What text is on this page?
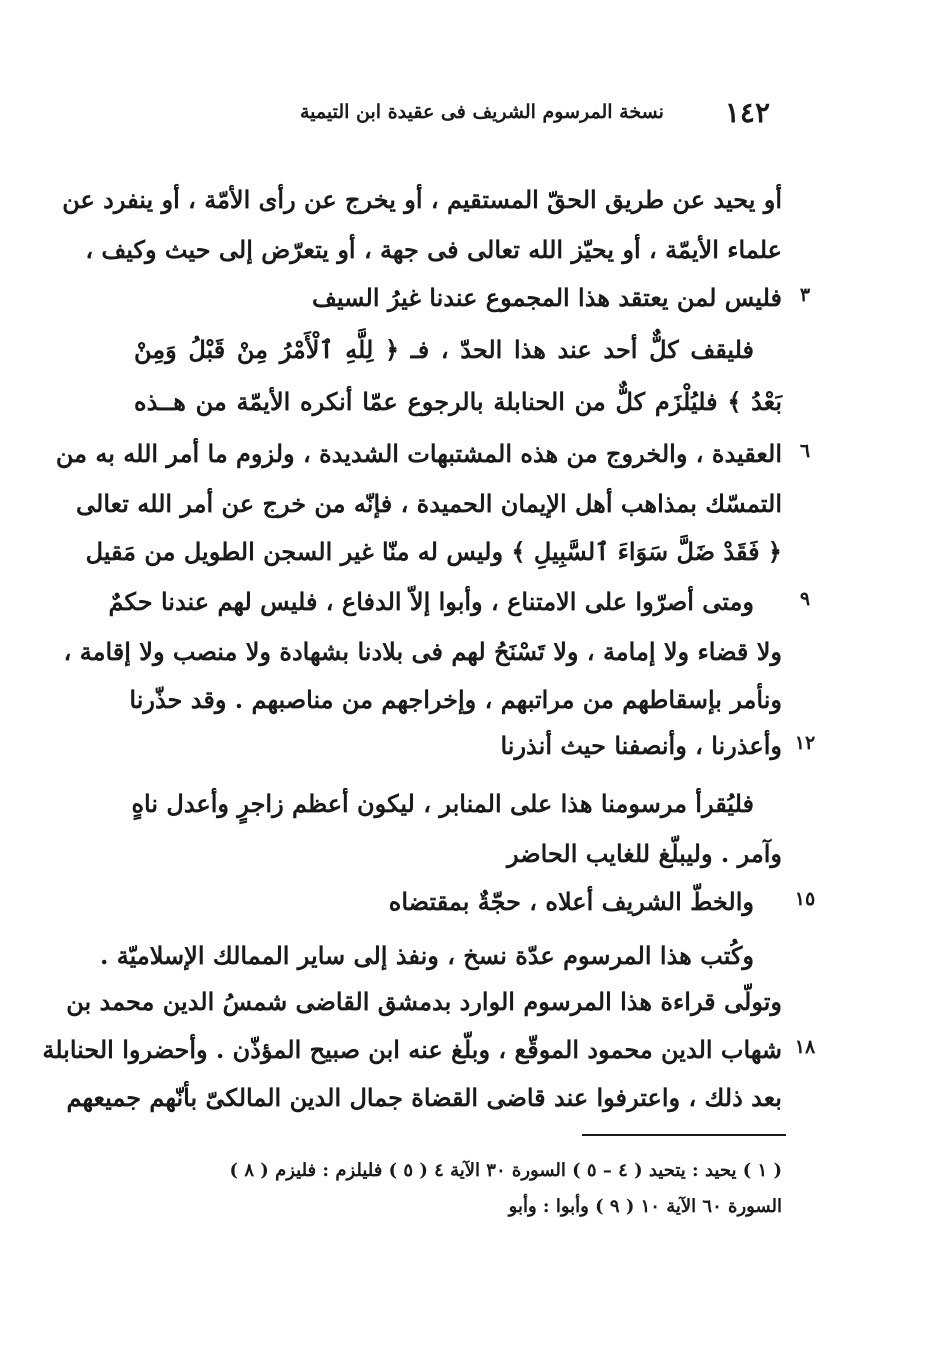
١٤٢
نسخة المرسوم الشريف فى عقيدة ابن التيمية
أو يحيد عن طريق الحقّ المستقيم ، أو يخرج عن رأى الأمّة ، أو ينفرد عن
علماء الأيمّة ، أو يحيّز الله تعالى فى جهة ، أو يتعرّض إلى حيث وكيف ،
٣
فليس لمن يعتقد هذا المجموع عندنا غيرُ السيف
فليقف كلٌّ أحد عند هذا الحدّ ، فـ ﴿ لِلَّهِ ٱلْأَمْرُ مِنْ قَبْلُ وَمِنْ
بَعْدُ ﴾ فليُلْزَم كلٌّ من الحنابلة بالرجوع عمّا أنكره الأيمّة من هــذه
٦
العقيدة ، والخروج من هذه المشتبهات الشديدة ، ولزوم ما أمر الله به من
التمسّك بمذاهب أهل الإيمان الحميدة ، فإنّه من خرج عن أمر الله تعالى
﴿ فَقَدْ ضَلَّ سَوَاءَ ٱلسَّبِيلِ ﴾ وليس له منّا غير السجن الطويل من مَقيل
٩
ومتى أصرّوا على الامتناع ، وأبوا إلاّ الدفاع ، فليس لهم عندنا حكمٌ
ولا قضاء ولا إمامة ، ولا تَسْنَحُ لهم فى بلادنا بشهادة ولا منصب ولا إقامة ،
ونأمر بإسقاطهم من مراتبهم ، وإخراجهم من مناصبهم . وقد حذّرنا
١٢
وأعذرنا ، وأنصفنا حيث أنذرنا
فليُقرأ مرسومنا هذا على المنابر ، ليكون أعظم زاجرٍ وأعدل ناهٍ
وآمر . وليبلّغ للغايب الحاضر
١٥
والخطّ الشريف أعلاه ، حجّةٌ بمقتضاه
وكُتب هذا المرسوم عدّة نسخ ، ونفذ إلى ساير الممالك الإسلاميّة .
وتولّى قراءة هذا المرسوم الوارد بدمشق القاضى شمسُ الدين محمد بن
١٨
شهاب الدين محمود الموقّع ، وبلّغ عنه ابن صبيح المؤذّن . وأحضروا الحنابلة
بعد ذلك ، واعترفوا عند قاضى القضاة جمال الدين المالكىّ بأنّهم جميعهم
( ١ ) يحيد : يتحيد ( ٤ – ٥ ) السورة ٣٠ الآية ٤ ( ٥ ) فليلزم : فليزم ( ٨ )
السورة ٦٠ الآية ١٠ ( ٩ ) وأبوا : وأبو
